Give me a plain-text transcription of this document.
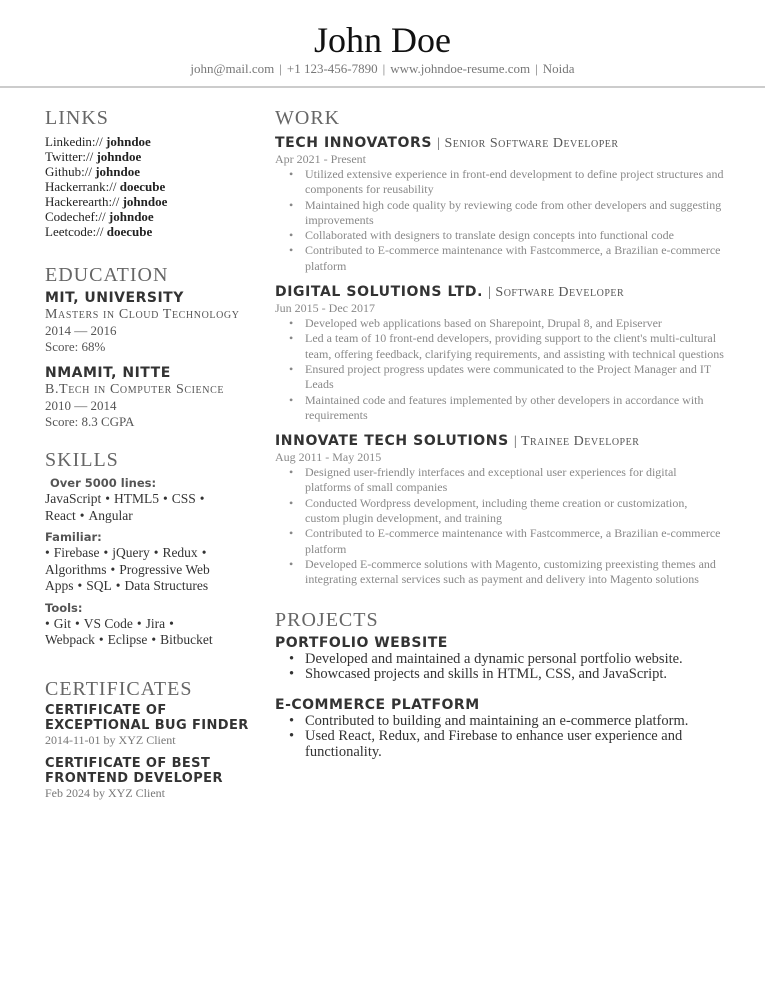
John Doe
john@mail.com | +1 123-456-7890 | www.johndoe-resume.com | Noida
LINKS
Linkedin:// johndoe
Twitter:// johndoe
Github:// johndoe
Hackerrank:// doecube
Hackerearth:// johndoe
Codechef:// johndoe
Leetcode:// doecube
EDUCATION
MIT, UNIVERSITY
Masters in Cloud Technology
2014 — 2016
Score: 68%
NMAMIT, NITTE
B.Tech in Computer Science
2010 — 2014
Score: 8.3 CGPA
SKILLS
Over 5000 lines:
JavaScript • HTML5 • CSS •
React • Angular
Familiar:
• Firebase • jQuery • Redux •
Algorithms • Progressive Web Apps • SQL • Data Structures
Tools:
• Git • VS Code • Jira •
Webpack • Eclipse • Bitbucket
CERTIFICATES
CERTIFICATE OF EXCEPTIONAL BUG FINDER
2014-11-01 by XYZ Client
CERTIFICATE OF BEST FRONTEND DEVELOPER
Feb 2024 by XYZ Client
WORK
TECH INNOVATORS | Senior Software Developer
Apr 2021 - Present
• Utilized extensive experience in front-end development to define project structures and components for reusability
• Maintained high code quality by reviewing code from other developers and suggesting improvements
• Collaborated with designers to translate design concepts into functional code
• Contributed to E-commerce maintenance with Fastcommerce, a Brazilian e-commerce platform
DIGITAL SOLUTIONS LTD. | Software Developer
Jun 2015 - Dec 2017
• Developed web applications based on Sharepoint, Drupal 8, and Episerver
• Led a team of 10 front-end developers, providing support to the client's multi-cultural team, offering feedback, clarifying requirements, and assisting with technical questions
• Ensured project progress updates were communicated to the Project Manager and IT Leads
• Maintained code and features implemented by other developers in accordance with requirements
INNOVATE TECH SOLUTIONS | Trainee Developer
Aug 2011 - May 2015
• Designed user-friendly interfaces and exceptional user experiences for digital platforms of small companies
• Conducted Wordpress development, including theme creation or customization, custom plugin development, and training
• Contributed to E-commerce maintenance with Fastcommerce, a Brazilian e-commerce platform
• Developed E-commerce solutions with Magento, customizing preexisting themes and integrating external services such as payment and delivery into Magento solutions
PROJECTS
PORTFOLIO WEBSITE
• Developed and maintained a dynamic personal portfolio website.
• Showcased projects and skills in HTML, CSS, and JavaScript.
E-COMMERCE PLATFORM
• Contributed to building and maintaining an e-commerce platform.
• Used React, Redux, and Firebase to enhance user experience and functionality.
